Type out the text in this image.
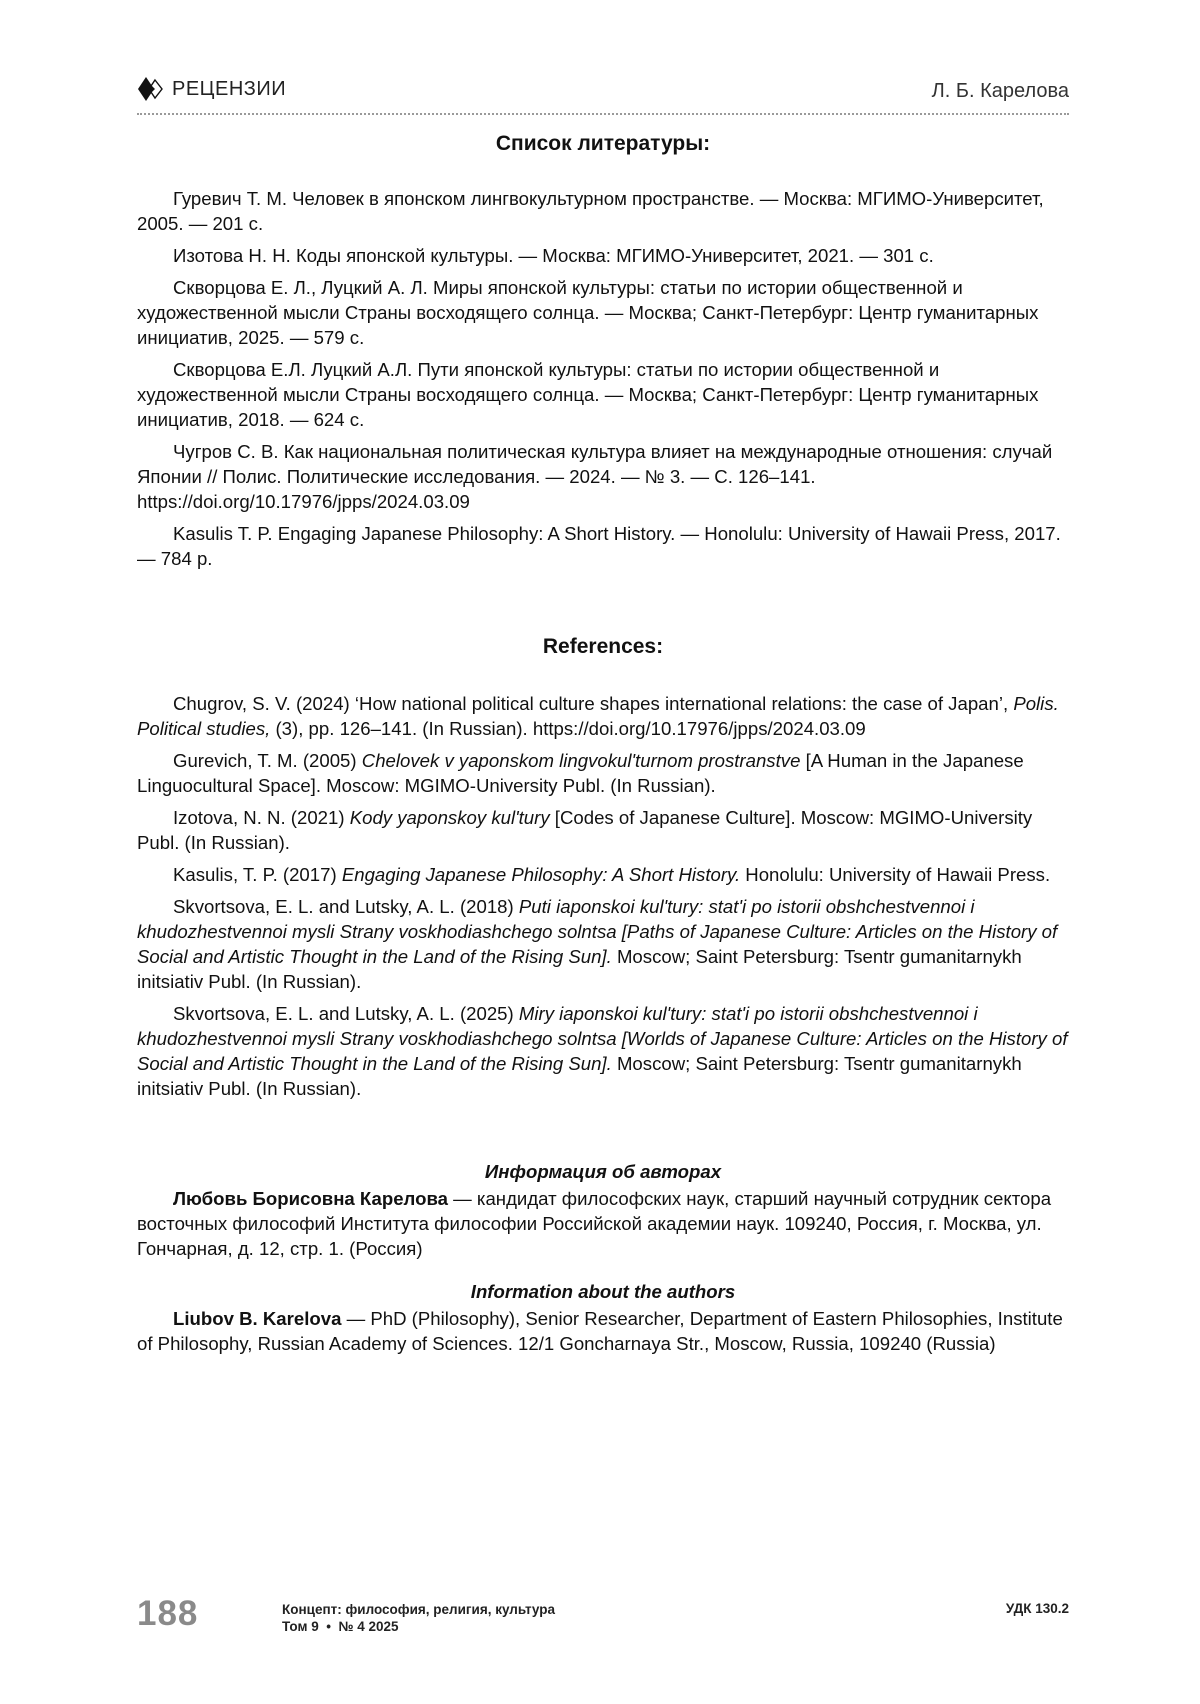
РЕЦЕНЗИИ	Л. Б. Карелова
Список литературы:

Гуревич Т. М. Человек в японском лингвокультурном пространстве. — Москва: МГИМО-Университет, 2005. — 201 с.

Изотова Н. Н. Коды японской культуры. — Москва: МГИМО-Университет, 2021. — 301 с.

Скворцова Е. Л., Луцкий А. Л. Миры японской культуры: статьи по истории общественной и художественной мысли Страны восходящего солнца. — Москва; Санкт-Петербург: Центр гуманитарных инициатив, 2025. — 579 с.

Скворцова Е.Л. Луцкий А.Л. Пути японской культуры: статьи по истории общественной и художественной мысли Страны восходящего солнца. — Москва; Санкт-Петербург: Центр гуманитарных инициатив, 2018. — 624 с.

Чугров С. В. Как национальная политическая культура влияет на международные отношения: случай Японии // Полис. Политические исследования. — 2024. — № 3. — С. 126–141. https://doi.org/10.17976/jpps/2024.03.09

Kasulis T. P. Engaging Japanese Philosophy: A Short History. — Honolulu: University of Hawaii Press, 2017. — 784 p.

References:

Chugrov, S. V. (2024) ‘How national political culture shapes international relations: the case of Japan’, Polis. Political studies, (3), pp. 126–141. (In Russian). https://doi.org/10.17976/jpps/2024.03.09

Gurevich, T. M. (2005) Chelovek v yaponskom lingvokul'turnom prostranstve [A Human in the Japanese Linguocultural Space]. Moscow: MGIMO-University Publ. (In Russian).

Izotova, N. N. (2021) Kody yaponskoy kul'tury [Codes of Japanese Culture]. Moscow: MGIMO-University Publ. (In Russian).

Kasulis, T. P. (2017) Engaging Japanese Philosophy: A Short History. Honolulu: University of Hawaii Press.

Skvortsova, E. L. and Lutsky, A. L. (2018) Puti iaponskoi kul'tury: stat'i po istorii obshchestvennoi i khudozhestvennoi mysli Strany voskhodiashchego solntsa [Paths of Japanese Culture: Articles on the History of Social and Artistic Thought in the Land of the Rising Sun]. Moscow; Saint Petersburg: Tsentr gumanitarnykh initsiativ Publ. (In Russian).

Skvortsova, E. L. and Lutsky, A. L. (2025) Miry iaponskoi kul'tury: stat'i po istorii obshchestvennoi i khudozhestvennoi mysli Strany voskhodiashchego solntsa [Worlds of Japanese Culture: Articles on the History of Social and Artistic Thought in the Land of the Rising Sun]. Moscow; Saint Petersburg: Tsentr gumanitarnykh initsiativ Publ. (In Russian).

Информация об авторах

Любовь Борисовна Карелова — кандидат философских наук, старший научный сотрудник сектора восточных философий Института философии Российской академии наук. 109240, Россия, г. Москва, ул. Гончарная, д. 12, стр. 1. (Россия)

Information about the authors

Liubov B. Karelova — PhD (Philosophy), Senior Researcher, Department of Eastern Philosophies, Institute of Philosophy, Russian Academy of Sciences. 12/1 Goncharnaya Str., Moscow, Russia, 109240 (Russia)

188	Концепт: философия, религия, культура
Том 9  •  № 4 2025
УДК 130.2
